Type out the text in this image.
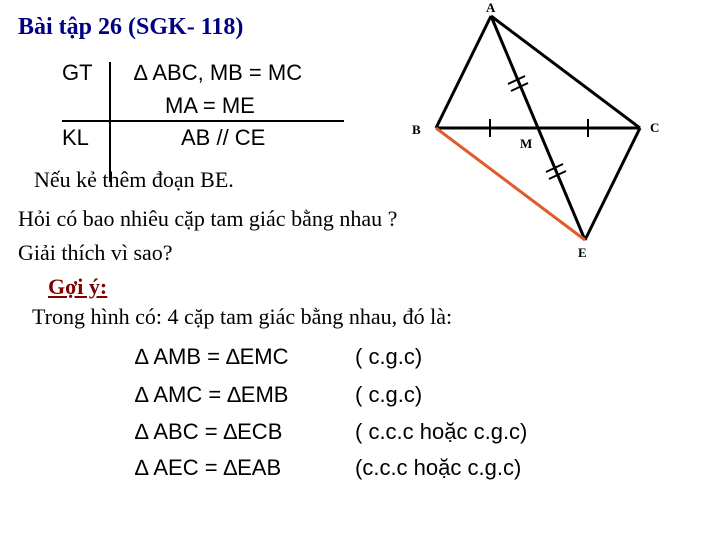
Bài tập 26 (SGK- 118)
GT ∆ ABC, MB = MC
MA = ME
KL	AB // CE
Nếu kẻ thêm đoạn BE.
Hỏi có bao nhiêu cặp tam giác bằng nhau ?
Giải thích vì sao?
Gợi ý:
Trong hình có: 4 cặp tam giác bằng nhau, đó là:
∆ AMB = ∆EMC	( c.g.c)
∆ AMC = ∆EMB	( c.g.c)
∆ ABC = ∆ECB	( c.c.c hoặc c.g.c)
∆ AEC = ∆EAB	(c.c.c hoặc c.g.c)
A
B	C
M
E
